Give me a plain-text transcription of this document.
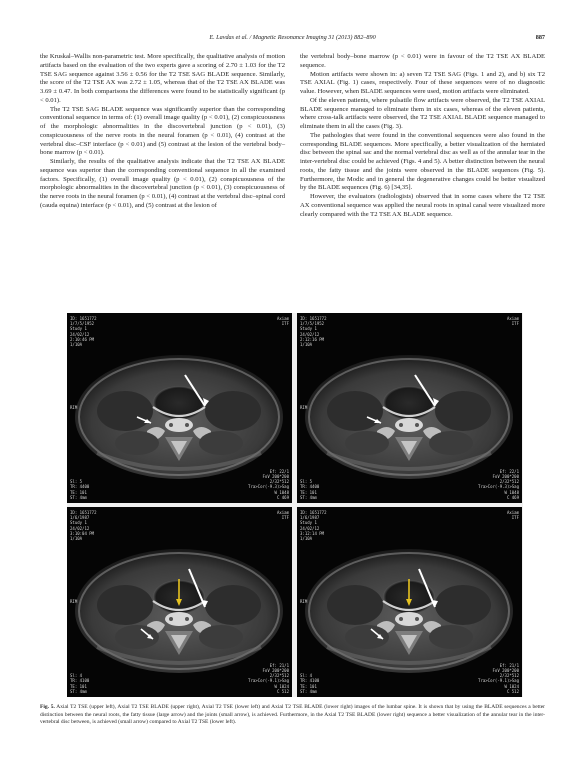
E. Lavdas et al. / Magnetic Resonance Imaging 31 (2013) 882–890	887

the Kruskal–Wallis non-parametric test. More specifically, the qualitative analysis of motion artifacts based on the evaluation of the two experts gave a scoring of 2.70 ± 1.03 for the T2 TSE SAG sequence against 3.56 ± 0.56 for the T2 TSE SAG BLADE sequence. Similarly, the score of the T2 TSE AX was 2.72 ± 1.05, whereas that of the T2 TSE AX BLADE was 3.69 ± 0.47. In both comparisons the differences were found to be statistically significant (p < 0.01).

The T2 TSE SAG BLADE sequence was significantly superior than the corresponding conventional sequence in terms of: (1) overall image quality (p < 0.01), (2) conspicuousness of the morphologic abnormalities in the discovertebral junction (p < 0.01), (3) conspicuousness of the nerve roots in the neural foramen (p < 0.01), (4) contrast at the vertebral disc–CSF interface (p < 0.01) and (5) contrast at the lesion of the vertebral body–bone marrow (p < 0.01).

Similarly, the results of the qualitative analysis indicate that the T2 TSE AX BLADE sequence was superior than the corresponding conventional sequence in all the examined factors. Specifically, (1) overall image quality (p < 0.01), (2) conspicuousness of the morphologic abnormalities in the discovertebral junction (p < 0.01), (3) conspicuousness of the nerve roots in the neural foramen (p < 0.01), (4) contrast at the vertebral disc–spinal cord (cauda equina) interface (p < 0.01), and (5) contrast at the lesion of

the vertebral body–bone marrow (p < 0.01) were in favour of the T2 TSE AX BLADE sequence.

Motion artifacts were shown in: a) seven T2 TSE SAG (Figs. 1 and 2), and b) six T2 TSE AXIAL (Fig. 1) cases, respectively. Four of these sequences were of no diagnostic value. However, when BLADE sequences were used, motion artifacts were eliminated.

Of the eleven patients, where pulsatile flow artifacts were observed, the T2 TSE AXIAL BLADE sequence managed to eliminate them in six cases, whereas of the eleven patients, where cross-talk artifacts were observed, the T2 TSE AXIAL BLADE sequence managed to eliminate them in all the cases (Fig. 3).

The pathologies that were found in the conventional sequences were also found in the corresponding BLADE sequences. More specifically, a better visualization of the herniated disc between the spinal sac and the normal vertebral disc as well as of the annular tear in the inter-vertebral disc could be achieved (Figs. 4 and 5). A better distinction between the neural roots, the fatty tissue and the joints were observed in the BLADE sequences (Fig. 5). Furthermore, the Modic and in general the degenerative changes could be better visualized by the BLADE sequences (Fig. 6) [34,35].

However, the evaluators (radiologists) observed that in some cases where the T2 TSE AX conventional sequence was applied the neural roots in spinal canal were visualized more clearly compared with the T2 TSE AX BLADE sequence.

ID: 1651772
1/7/5/1952
Study 1
24/02/12
2:10:46 PM
1/10A
Axiam
ITF
RIM
Sl: 5
TR: 4400
TE: 101
ST: 4mm
Ef: 22/1
FoV 200*200
2/32*512
Tra>Cor(-9.3)>Sag
W 1048
C 469
ID: 1651772
1/7/5/1952
Study 1
24/02/12
2:12:16 PM
1/10A
Axiam
ITF
RIM
Sl: 5
TR: 4400
TE: 101
ST: 4mm
Ef: 22/1
FoV 200*200
2/32*512
Tra>Cor(-9.3)>Sag
W 1048
C 469
ID: 1651772
1/6/1987
Study 1
24/02/12
3:10:04 PM
1/10A
Axiam
ITF
RIM
Sl: 4
TR: 4100
TE: 101
ST: 4mm
Ef: 21/1
FoV 200*200
2/32*512
Tra>Cor(-9.1)>Sag
W 1024
C 512
ID: 1651772
1/6/1987
Study 1
24/02/12
3:12:14 PM
1/10A
Axiam
ITF
RIM
Sl: 4
TR: 4100
TE: 101
ST: 4mm
Ef: 21/1
FoV 200*200
2/32*512
Tra>Cor(-9.1)>Sag
W 1024
C 512
Fig. 5. Axial T2 TSE (upper left), Axial T2 TSE BLADE (upper right), Axial T2 TSE (lower left) and Axial T2 TSE BLADE (lower right) images of the lumbar spine. It is shown that by using the BLADE sequences a better distinction between the neural roots, the fatty tissue (large arrow) and the joints (small arrow), is achieved. Furthermore, in the Axial T2 TSE BLADE (lower right) sequence a better visualization of the annular tear in the inter-vertebral disc between, is achieved (small arrow) compared to Axial T2 TSE (lower left).
